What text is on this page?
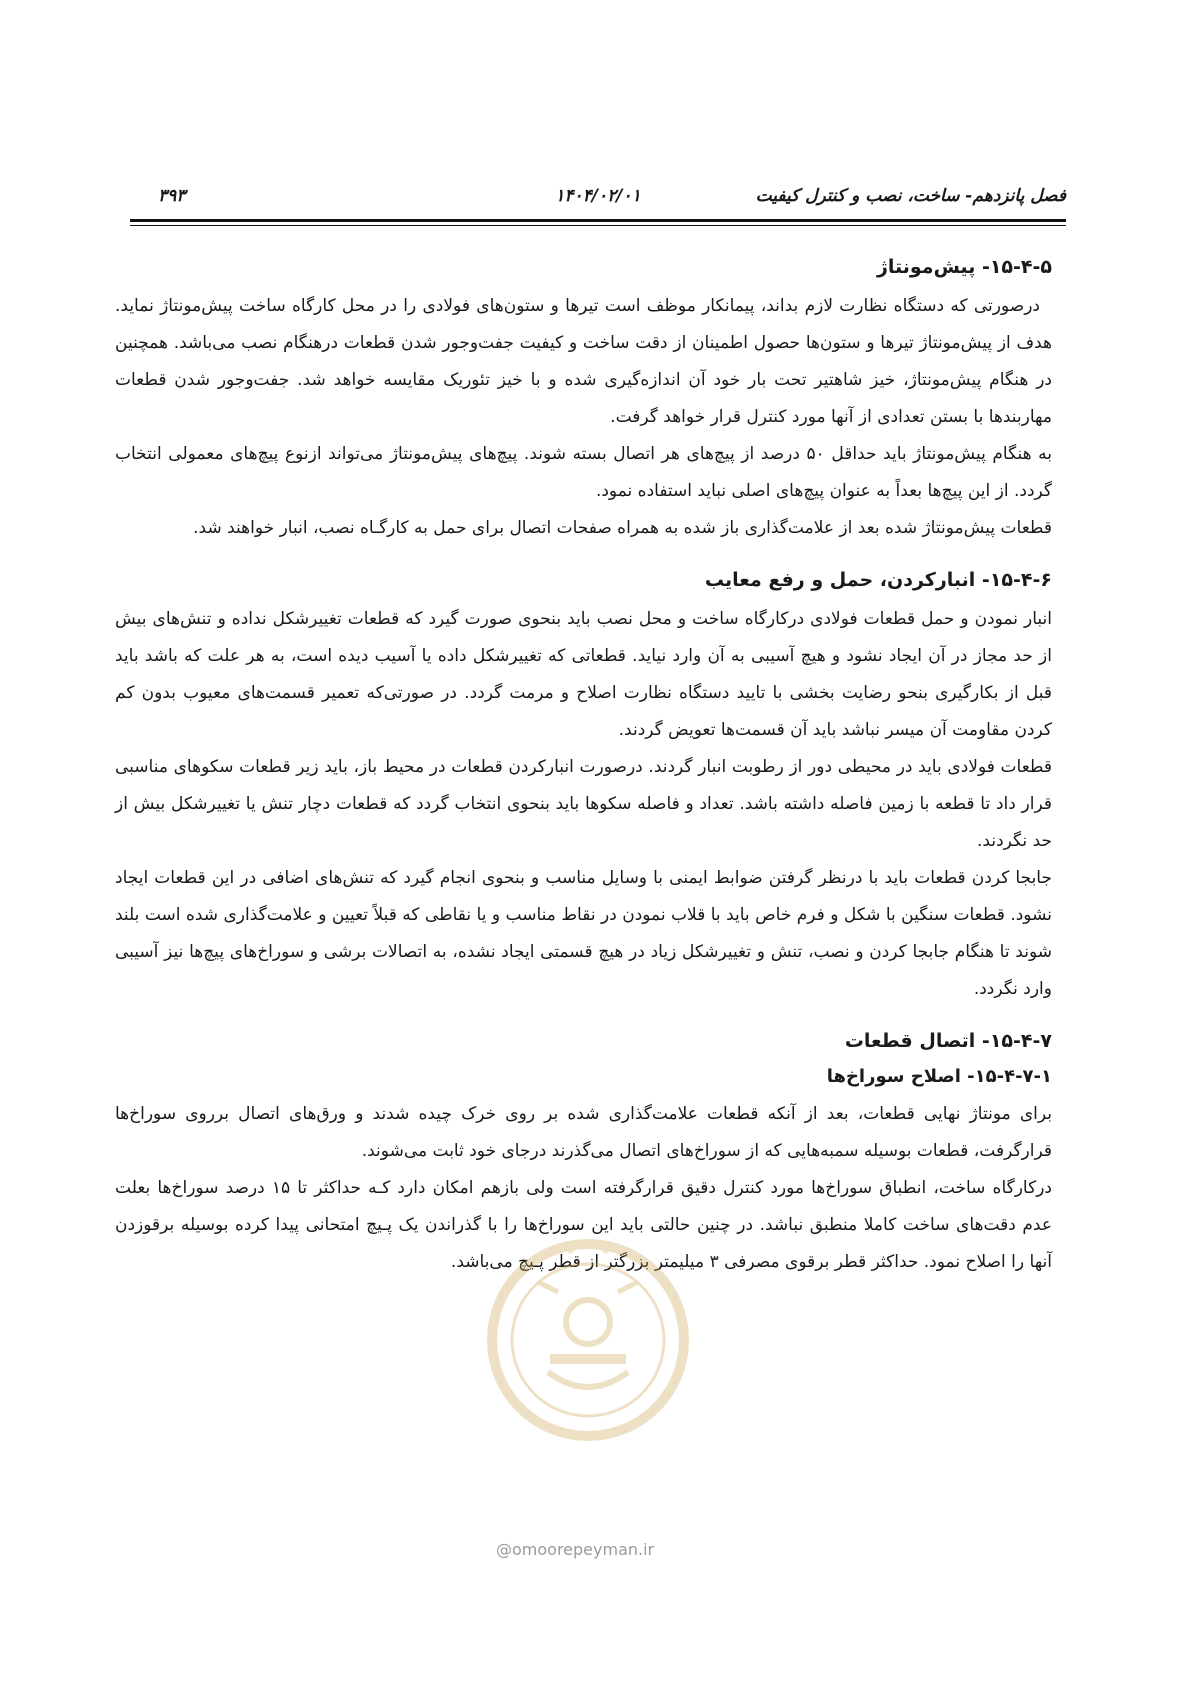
فصل پانزدهم- ساخت، نصب و کنترل کیفیت
۱۴۰۴/۰۲/۰۱
۳۹۳
۱۵-۴-۵- پیش‌مونتاژ

درصورتی که دستگاه نظارت لازم بداند، پیمانکار موظف است تیرها و ستون‌های فولادی را در محل کارگاه ساخت پیش‌مونتاژ نماید. هدف از پیش‌مونتاژ تیرها و ستون‌ها حصول اطمینان از دقت ساخت و کیفیت جفت‌وجور شدن قطعات درهنگام نصب می‌باشد. همچنین در هنگام پیش‌مونتاژ، خیز شاهتیر تحت بار خود آن اندازه‌گیری شده و با خیز تئوریک مقایسه خواهد شد. جفت‌وجور شدن قطعات مهاربندها با بستن تعدادی از آنها مورد کنترل قرار خواهد گرفت.

به هنگام پیش‌مونتاژ باید حداقل ۵۰ درصد از پیچ‌های هر اتصال بسته شوند. پیچ‌های پیش‌مونتاژ می‌تواند ازنوع پیچ‌های معمولی انتخاب گردد. از این پیچ‌ها بعداً به عنوان پیچ‌های اصلی نباید استفاده نمود.

قطعات پیش‌مونتاژ شده بعد از علامت‌گذاری باز شده به همراه صفحات اتصال برای حمل به کارگـاه نصب، انبار خواهند شد.

۱۵-۴-۶- انبارکردن، حمل و رفع معایب

انبار نمودن و حمل قطعات فولادی درکارگاه ساخت و محل نصب باید بنحوی صورت گیرد که قطعات تغییرشکل نداده و تنش‌های بیش از حد مجاز در آن ایجاد نشود و هیچ آسیبی به آن وارد نیاید. قطعاتی که تغییرشکل داده یا آسیب دیده است، به هر علت که باشد باید قبل از بکارگیری بنحو رضایت بخشی با تایید دستگاه نظارت اصلاح و مرمت گردد. در صورتی‌که تعمیر قسمت‌های معیوب بدون کم کردن مقاومت آن میسر نباشد باید آن قسمت‌ها تعویض گردند.

قطعات فولادی باید در محیطی دور از رطوبت انبار گردند. درصورت انبارکردن قطعات در محیط باز، باید زیر قطعات سکوهای مناسبی قرار داد تا قطعه با زمین فاصله داشته باشد. تعداد و فاصله سکوها باید بنحوی انتخاب گردد که قطعات دچار تنش یا تغییرشکل بیش از حد نگردند.

جابجا کردن قطعات باید با درنظر گرفتن ضوابط ایمنی با وسایل مناسب و بنحوی انجام گیرد که تنش‌های اضافی در این قطعات ایجاد نشود. قطعات سنگین با شکل و فرم خاص باید با قلاب نمودن در نقاط مناسب و یا نقاطی که قبلاً تعیین و علامت‌گذاری شده است بلند شوند تا هنگام جابجا کردن و نصب، تنش و تغییرشکل زیاد در هیچ قسمتی ایجاد نشده، به اتصالات برشی و سوراخ‌های پیچ‌ها نیز آسیبی وارد نگردد.

۱۵-۴-۷- اتصال قطعات
۱۵-۴-۷-۱- اصلاح سوراخ‌ها

برای مونتاژ نهایی قطعات، بعد از آنکه قطعات علامت‌گذاری شده بر روی خرک چیده شدند و ورق‌های اتصال برروی سوراخ‌ها قرارگرفت، قطعات بوسیله سمبه‌هایی که از سوراخ‌های اتصال می‌گذرند درجای خود ثابت می‌شوند.

درکارگاه ساخت، انطباق سوراخ‌ها مورد کنترل دقیق قرارگرفته است ولی بازهم امکان دارد کـه حداکثر تا ۱۵ درصد سوراخ‌ها بعلت عدم دقت‌های ساخت کاملا منطبق نباشد. در چنین حالتی باید این سوراخ‌ها را با گذراندن یک پـیچ امتحانی پیدا کرده بوسیله برقوزدن آنها را اصلاح نمود. حداکثر قطر برقوی مصرفی ۳ میلیمتر بزرگتر از قطر پـیچ می‌باشد.

@omoorepeyman.ir
